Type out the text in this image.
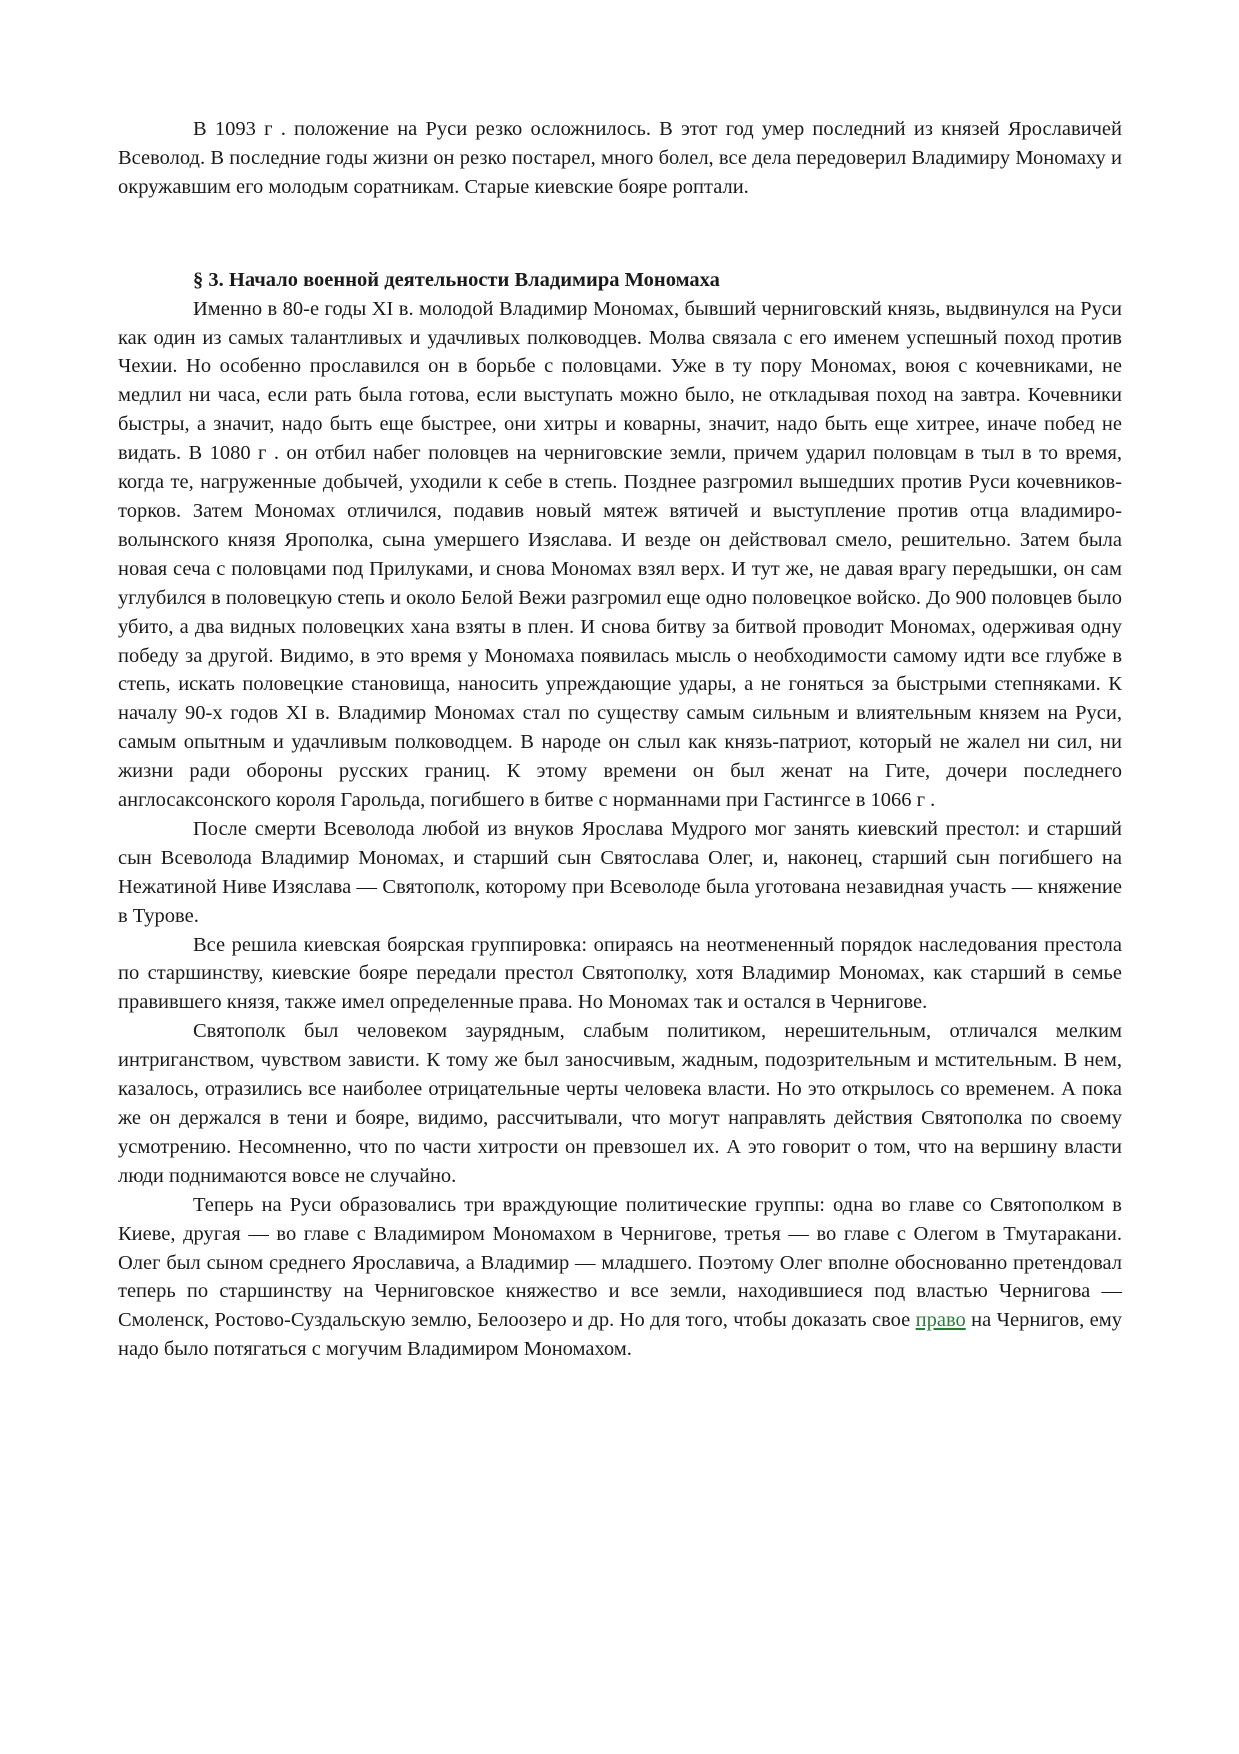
В 1093 г . положение на Руси резко осложнилось. В этот год умер последний из князей Ярославичей Всеволод. В последние годы жизни он резко постарел, много болел, все дела передоверил Владимиру Мономаху и окружавшим его молодым соратникам. Старые киевские бояре роптали.

§ 3. Начало военной деятельности Владимира Мономаха

Именно в 80-е годы XI в. молодой Владимир Мономах, бывший черниговский князь, выдвинулся на Руси как один из самых талантливых и удачливых полководцев. Молва связала с его именем успешный поход против Чехии. Но особенно прославился он в борьбе с половцами. Уже в ту пору Мономах, воюя с кочевниками, не медлил ни часа, если рать была готова, если выступать можно было, не откладывая поход на завтра. Кочевники быстры, а значит, надо быть еще быстрее, они хитры и коварны, значит, надо быть еще хитрее, иначе побед не видать. В 1080 г . он отбил набег половцев на черниговские земли, причем ударил половцам в тыл в то время, когда те, нагруженные добычей, уходили к себе в степь. Позднее разгромил вышедших против Руси кочевников-торков. Затем Мономах отличился, подавив новый мятеж вятичей и выступление против отца владимиро-волынского князя Ярополка, сына умершего Изяслава. И везде он действовал смело, решительно. Затем была новая сеча с половцами под Прилуками, и снова Мономах взял верх. И тут же, не давая врагу передышки, он сам углубился в половецкую степь и около Белой Вежи разгромил еще одно половецкое войско. До 900 половцев было убито, а два видных половецких хана взяты в плен. И снова битву за битвой проводит Мономах, одерживая одну победу за другой. Видимо, в это время у Мономаха появилась мысль о необходимости самому идти все глубже в степь, искать половецкие становища, наносить упреждающие удары, а не гоняться за быстрыми степняками. К началу 90-х годов XI в. Владимир Мономах стал по существу самым сильным и влиятельным князем на Руси, самым опытным и удачливым полководцем. В народе он слыл как князь-патриот, который не жалел ни сил, ни жизни ради обороны русских границ. К этому времени он был женат на Гите, дочери последнего англосаксонского короля Гарольда, погибшего в битве с норманнами при Гастингсе в 1066 г .

После смерти Всеволода любой из внуков Ярослава Мудрого мог занять киевский престол: и старший сын Всеволода Владимир Мономах, и старший сын Святослава Олег, и, наконец, старший сын погибшего на Нежатиной Ниве Изяслава — Святополк, которому при Всеволоде была уготована незавидная участь — княжение в Турове.

Все решила киевская боярская группировка: опираясь на неотмененный порядок наследования престола по старшинству, киевские бояре передали престол Святополку, хотя Владимир Мономах, как старший в семье правившего князя, также имел определенные права. Но Мономах так и остался в Чернигове.

Святополк был человеком заурядным, слабым политиком, нерешительным, отличался мелким интриганством, чувством зависти. К тому же был заносчивым, жадным, подозрительным и мстительным. В нем, казалось, отразились все наиболее отрицательные черты человека власти. Но это открылось со временем. А пока же он держался в тени и бояре, видимо, рассчитывали, что могут направлять действия Святополка по своему усмотрению. Несомненно, что по части хитрости он превзошел их. А это говорит о том, что на вершину власти люди поднимаются вовсе не случайно.

Теперь на Руси образовались три враждующие политические группы: одна во главе со Святополком в Киеве, другая — во главе с Владимиром Мономахом в Чернигове, третья — во главе с Олегом в Тмутаракани. Олег был сыном среднего Ярославича, а Владимир — младшего. Поэтому Олег вполне обоснованно претендовал теперь по старшинству на Черниговское княжество и все земли, находившиеся под властью Чернигова — Смоленск, Ростово-Суздальскую землю, Белоозеро и др. Но для того, чтобы доказать свое право на Чернигов, ему надо было потягаться с могучим Владимиром Мономахом.
